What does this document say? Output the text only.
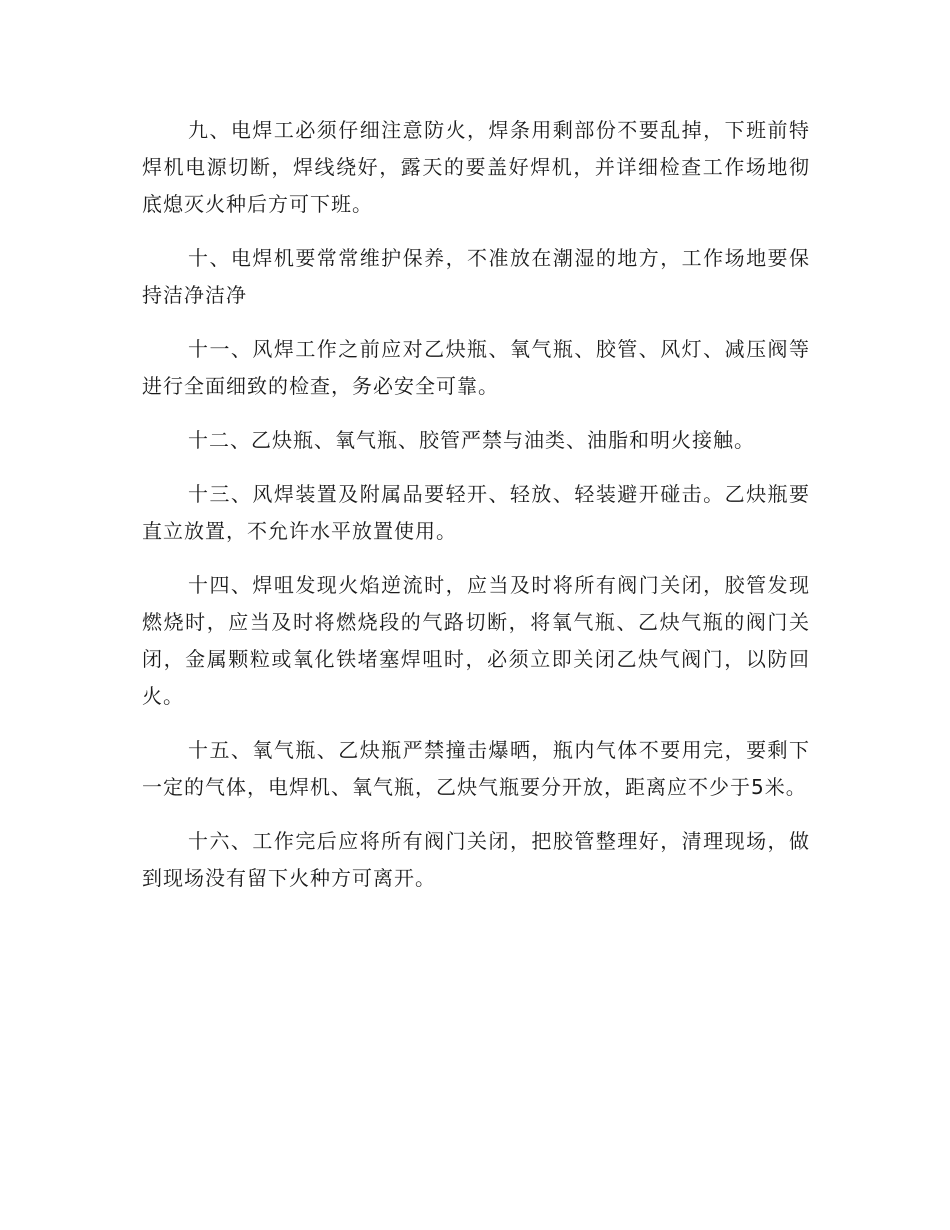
九、电焊工必须仔细注意防火，焊条用剩部份不要乱掉，下班前特焊机电源切断，焊线绕好，露天的要盖好焊机，并详细检查工作场地彻底熄灭火种后方可下班。

十、电焊机要常常维护保养，不准放在潮湿的地方，工作场地要保持洁净洁净

十一、风焊工作之前应对乙炔瓶、氧气瓶、胶管、风灯、减压阀等进行全面细致的检查，务必安全可靠。

十二、乙炔瓶、氧气瓶、胶管严禁与油类、油脂和明火接触。

十三、风焊装置及附属品要轻开、轻放、轻装避开碰击。乙炔瓶要直立放置，不允许水平放置使用。

十四、焊咀发现火焰逆流时，应当及时将所有阀门关闭，胶管发现燃烧时，应当及时将燃烧段的气路切断，将氧气瓶、乙炔气瓶的阀门关闭，金属颗粒或氧化铁堵塞焊咀时，必须立即关闭乙炔气阀门，以防回火。

十五、氧气瓶、乙炔瓶严禁撞击爆晒，瓶内气体不要用完，要剩下一定的气体，电焊机、氧气瓶，乙炔气瓶要分开放，距离应不少于5米。

十六、工作完后应将所有阀门关闭，把胶管整理好，清理现场，做到现场没有留下火种方可离开。
